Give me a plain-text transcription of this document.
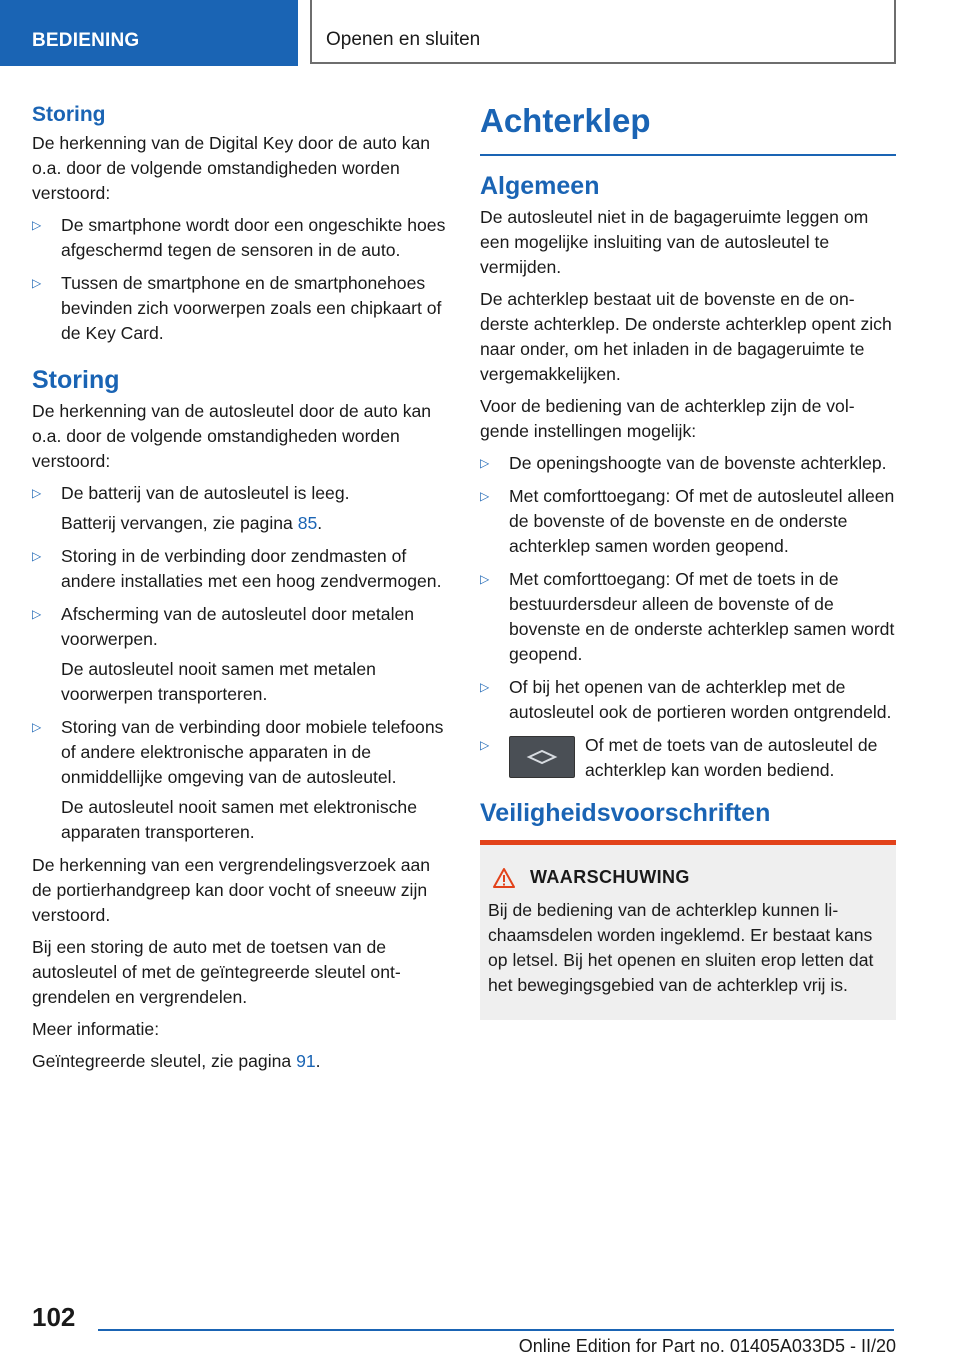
BEDIENING	Openen en sluiten
Storing

De herkenning van de Digital Key door de auto kan o.a. door de volgende omstandigheden worden verstoord:

▷ De smartphone wordt door een ongeschikte hoes afgeschermd tegen de sensoren in de auto.
▷ Tussen de smartphone en de smartphonehoes bevinden zich voorwerpen zoals een chipkaart of de Key Card.
Storing

De herkenning van de autosleutel door de auto kan o.a. door de volgende omstandigheden worden verstoord:

▷ De batterij van de autosleutel is leeg.

Batterij vervangen, zie pagina 85.

▷ Storing in de verbinding door zendmasten of andere installaties met een hoog zendvermogen.

▷ Afscherming van de autosleutel door metalen voorwerpen.

De autosleutel nooit samen met metalen voorwerpen transporteren.

▷ Storing van de verbinding door mobiele telefoons of andere elektronische apparaten in de onmiddellijke omgeving van de autosleutel.

De autosleutel nooit samen met elektronische apparaten transporteren.

De herkenning van een vergrendelingsverzoek aan de portierhandgreep kan door vocht of sneeuw zijn verstoord.

Bij een storing de auto met de toetsen van de autosleutel of met de geïntegreerde sleutel ontgrendelen en vergrendelen.

Meer informatie:

Geïntegreerde sleutel, zie pagina 91.

Achterklep
Algemeen

De autosleutel niet in de bagageruimte leggen om een mogelijke insluiting van de autosleutel te vermijden.

De achterklep bestaat uit de bovenste en de onderste achterklep. De onderste achterklep opent zich naar onder, om het inladen in de bagageruimte te vergemakkelijken.

Voor de bediening van de achterklep zijn de volgende instellingen mogelijk:

▷ De openingshoogte van de bovenste achterklep.
▷ Met comforttoegang: Of met de autosleutel alleen de bovenste of de bovenste en de onderste achterklep samen worden geopend.
▷ Met comforttoegang: Of met de toets in de bestuurdersdeur alleen de bovenste of de bovenste en de onderste achterklep samen wordt geopend.
▷ Of bij het openen van de achterklep met de autosleutel ook de portieren worden ontgrendeld.
▷	Of met de toets van de autosleutel de achterklep kan worden bediend.
Veiligheidsvoorschriften
WAARSCHUWING

Bij de bediening van de achterklep kunnen lichaamsdelen worden ingeklemd. Er bestaat kans op letsel. Bij het openen en sluiten erop letten dat het bewegingsgebied van de achterklep vrij is.

102
Online Edition for Part no. 01405A033D5 - II/20
